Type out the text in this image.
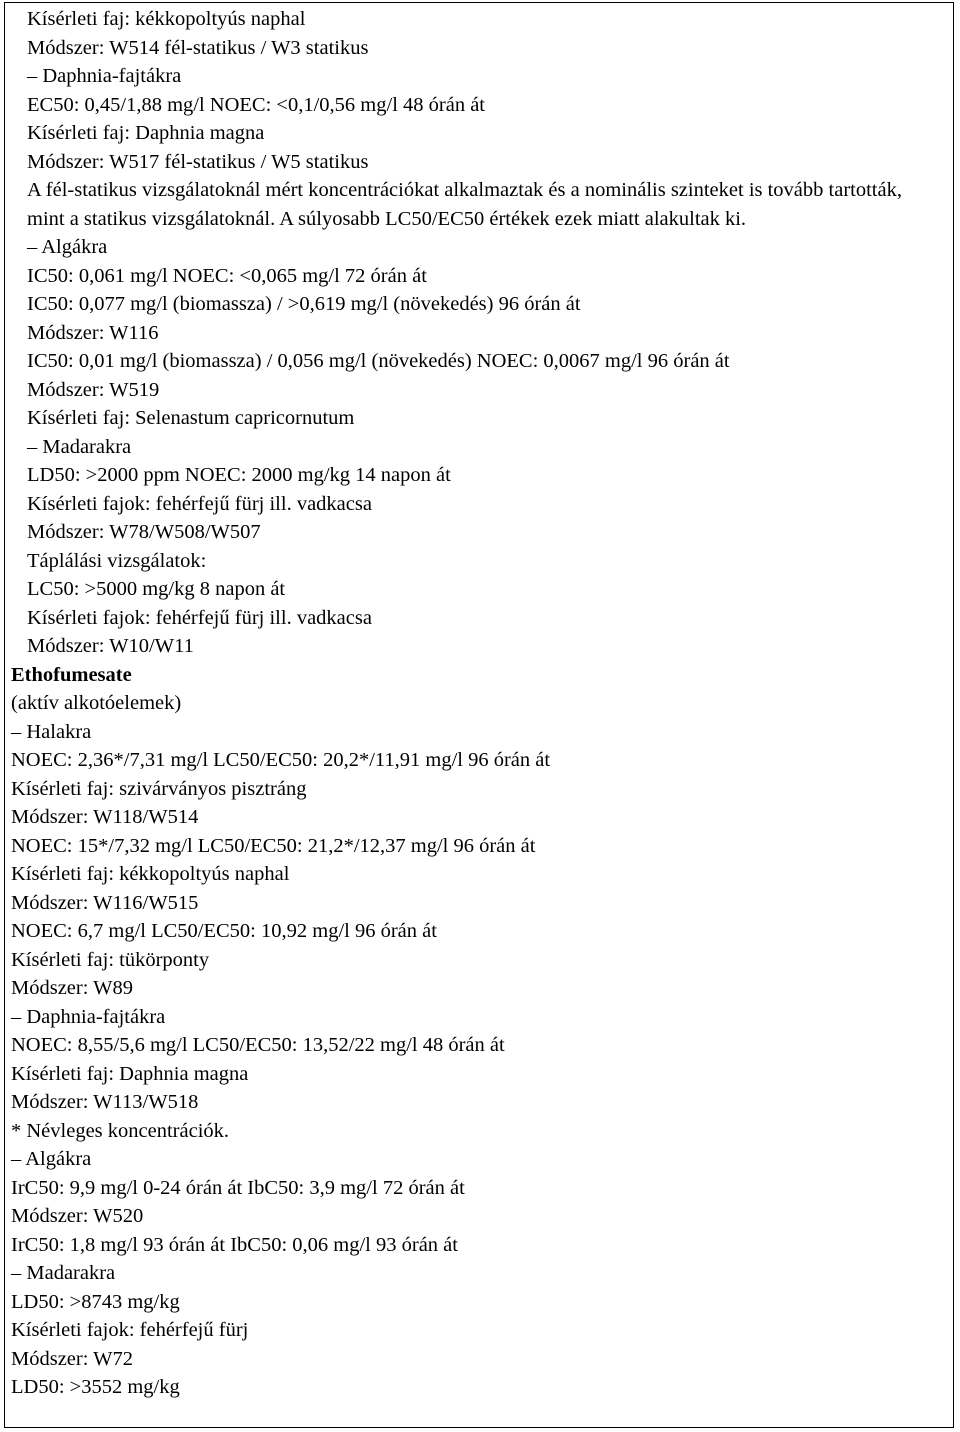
Kísérleti faj: kékkopoltyús naphal

Módszer: W514 fél-statikus / W3 statikus

– Daphnia-fajtákra

EC50: 0,45/1,88 mg/l NOEC: <0,1/0,56 mg/l 48 órán át

Kísérleti faj: Daphnia magna

Módszer: W517 fél-statikus / W5 statikus

A fél-statikus vizsgálatoknál mért koncentrációkat alkalmaztak és a nominális szinteket is tovább tartották, mint a statikus vizsgálatoknál. A súlyosabb LC50/EC50 értékek ezek miatt alakultak ki.

– Algákra

IC50: 0,061 mg/l NOEC: <0,065 mg/l 72 órán át

IC50: 0,077 mg/l (biomassza) / >0,619 mg/l (növekedés) 96 órán át

Módszer: W116

IC50: 0,01 mg/l (biomassza) / 0,056 mg/l (növekedés) NOEC: 0,0067 mg/l 96 órán át

Módszer: W519

Kísérleti faj: Selenastum capricornutum

– Madarakra

LD50: >2000 ppm NOEC: 2000 mg/kg 14 napon át

Kísérleti fajok: fehérfejű fürj ill. vadkacsa

Módszer: W78/W508/W507

Táplálási vizsgálatok:

LC50: >5000 mg/kg 8 napon át

Kísérleti fajok: fehérfejű fürj ill. vadkacsa

Módszer: W10/W11

Ethofumesate

(aktív alkotóelemek)

– Halakra

NOEC: 2,36*/7,31 mg/l LC50/EC50: 20,2*/11,91 mg/l 96 órán át

Kísérleti faj: szivárványos pisztráng

Módszer: W118/W514

NOEC: 15*/7,32 mg/l LC50/EC50: 21,2*/12,37 mg/l 96 órán át

Kísérleti faj: kékkopoltyús naphal

Módszer: W116/W515

NOEC: 6,7 mg/l LC50/EC50: 10,92 mg/l 96 órán át

Kísérleti faj: tükörponty

Módszer: W89

– Daphnia-fajtákra

NOEC: 8,55/5,6 mg/l LC50/EC50: 13,52/22 mg/l 48 órán át

Kísérleti faj: Daphnia magna

Módszer: W113/W518

* Névleges koncentrációk.

– Algákra

IrC50: 9,9 mg/l 0-24 órán át IbC50: 3,9 mg/l 72 órán át

Módszer: W520

IrC50: 1,8 mg/l 93 órán át IbC50: 0,06 mg/l 93 órán át

– Madarakra

LD50: >8743 mg/kg

Kísérleti fajok: fehérfejű fürj

Módszer: W72

LD50: >3552 mg/kg
